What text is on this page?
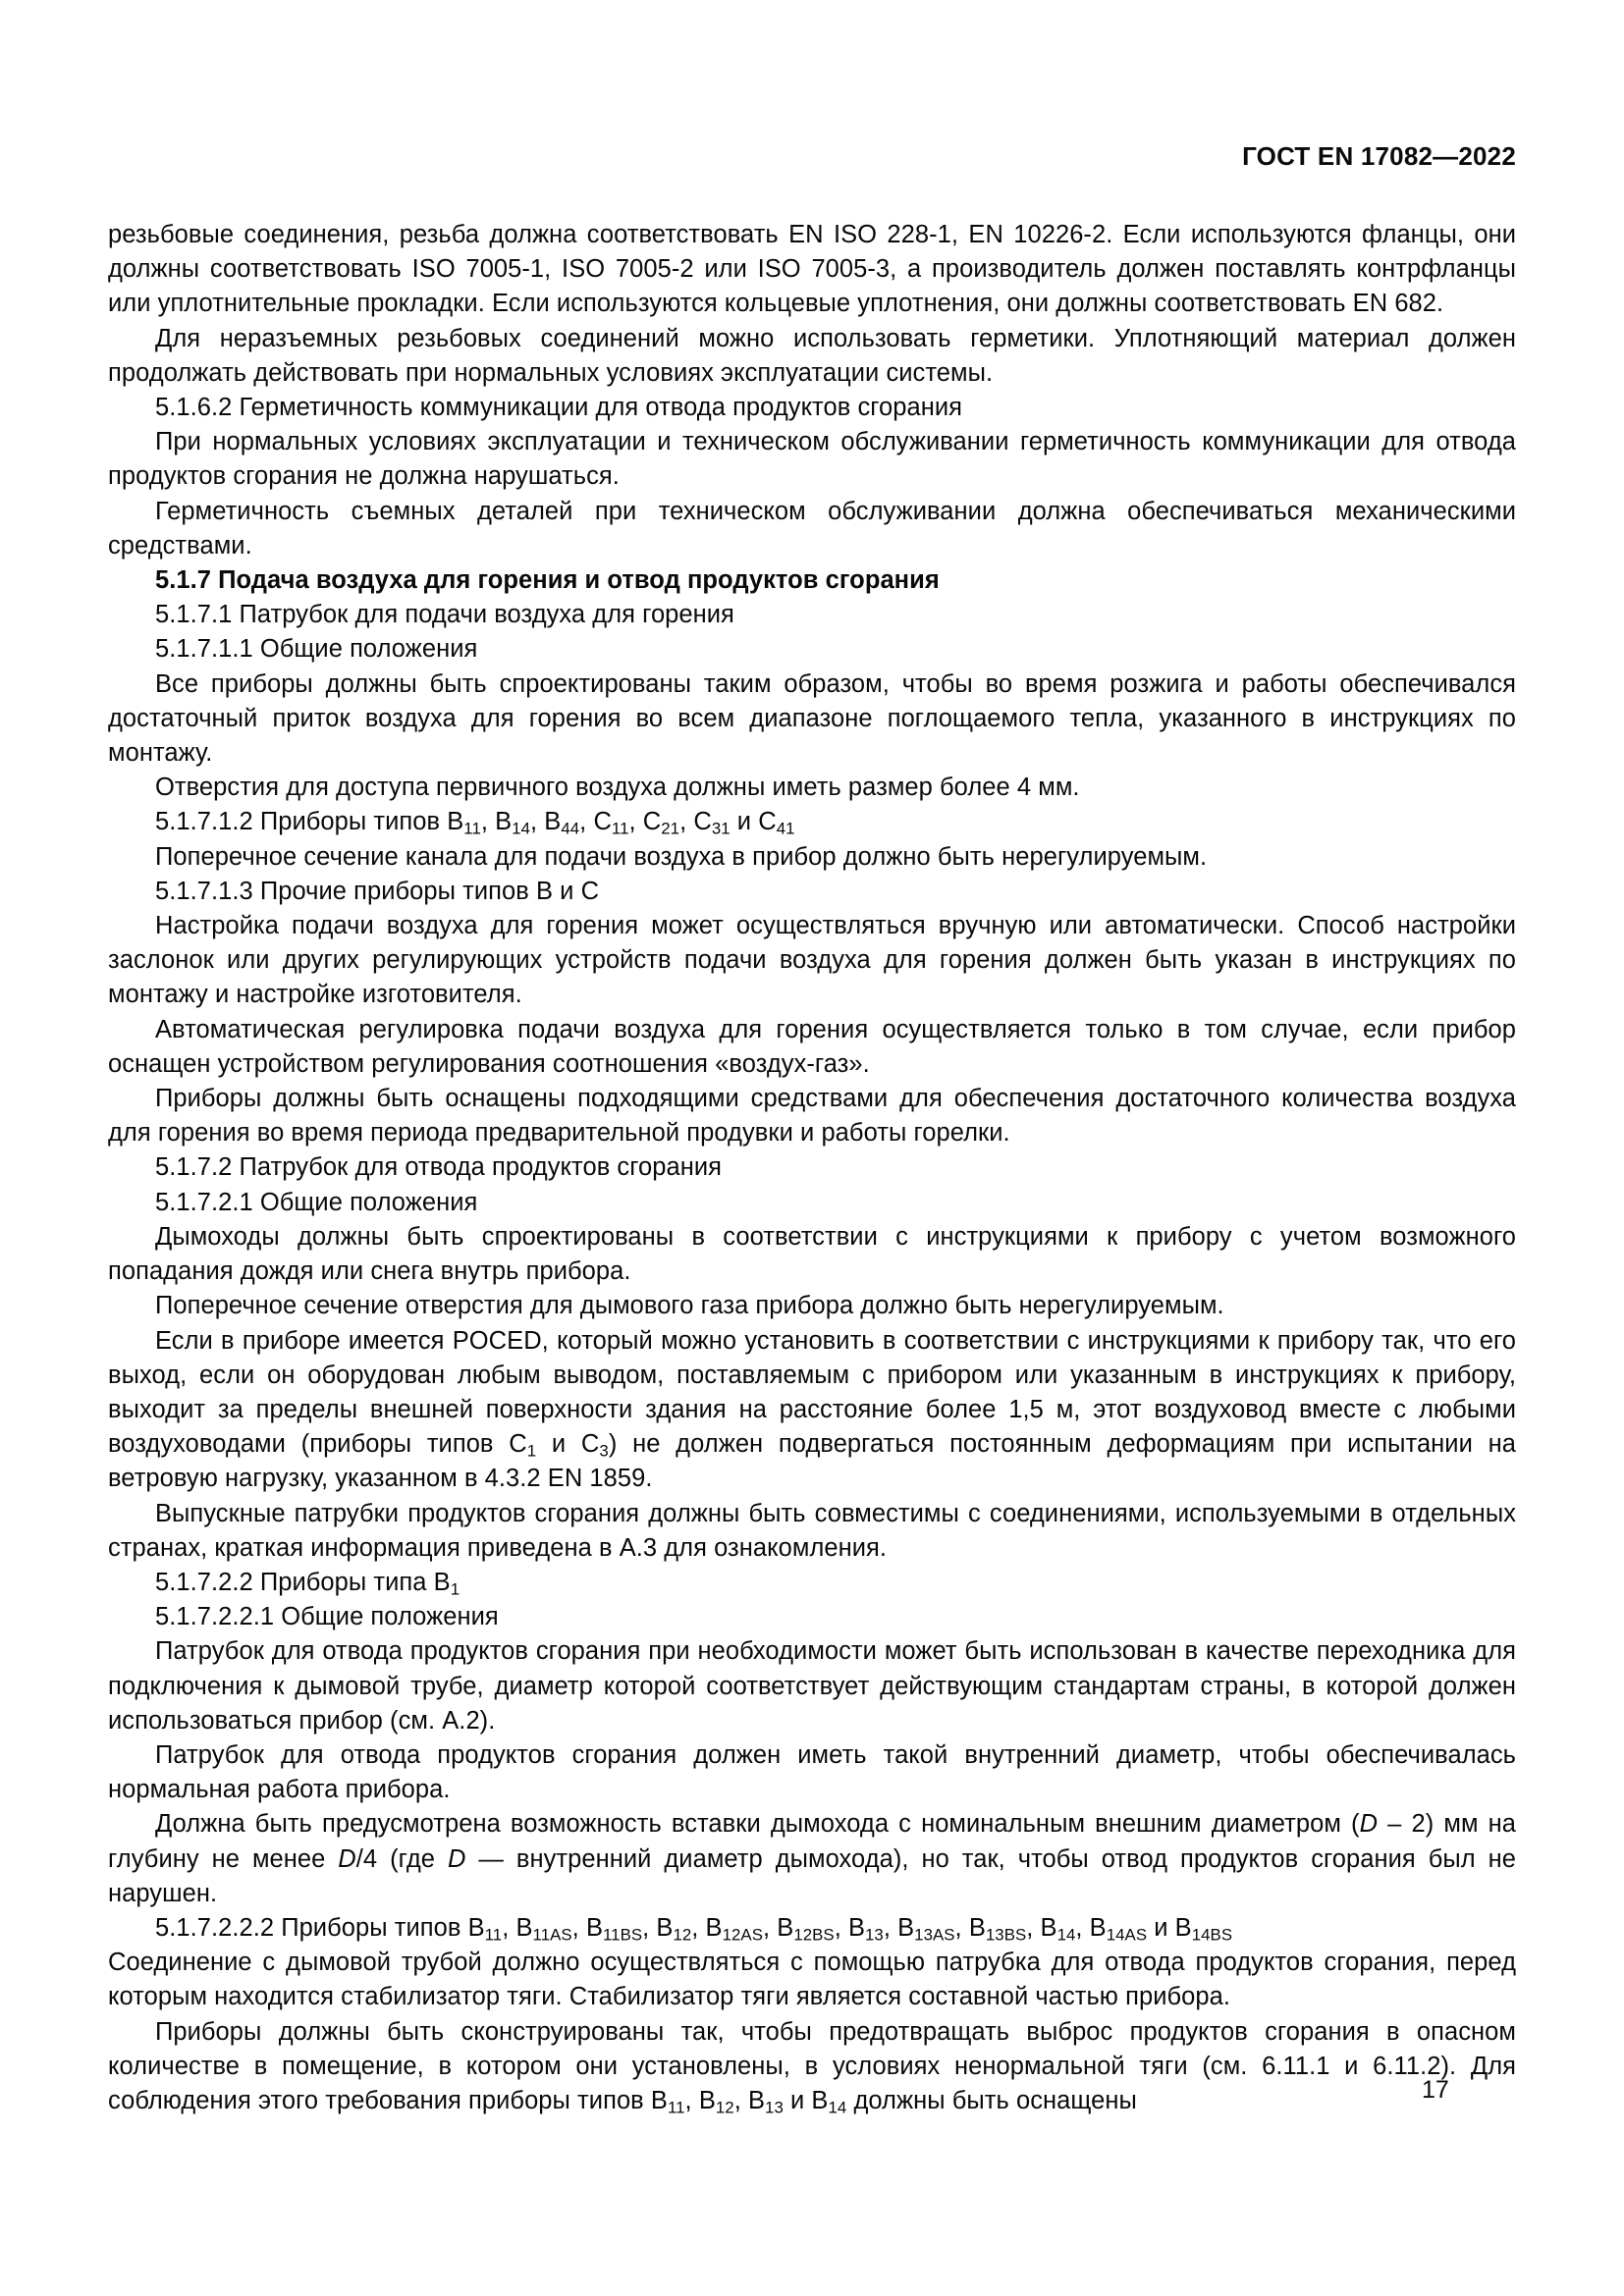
ГОСТ EN 17082—2022

резьбовые соединения, резьба должна соответствовать EN ISO 228-1, EN 10226-2. Если используются фланцы, они должны соответствовать ISO 7005-1, ISO 7005-2 или ISO 7005-3, а производитель должен поставлять контрфланцы или уплотнительные прокладки. Если используются кольцевые уплотнения, они должны соответствовать EN 682.

Для неразъемных резьбовых соединений можно использовать герметики. Уплотняющий материал должен продолжать действовать при нормальных условиях эксплуатации системы.

5.1.6.2 Герметичность коммуникации для отвода продуктов сгорания

При нормальных условиях эксплуатации и техническом обслуживании герметичность коммуникации для отвода продуктов сгорания не должна нарушаться.

Герметичность съемных деталей при техническом обслуживании должна обеспечиваться механическими средствами.

5.1.7 Подача воздуха для горения и отвод продуктов сгорания

5.1.7.1 Патрубок для подачи воздуха для горения

5.1.7.1.1 Общие положения

Все приборы должны быть спроектированы таким образом, чтобы во время розжига и работы обеспечивался достаточный приток воздуха для горения во всем диапазоне поглощаемого тепла, указанного в инструкциях по монтажу.

Отверстия для доступа первичного воздуха должны иметь размер более 4 мм.

5.1.7.1.2 Приборы типов $B_{11}$, $B_{14}$, $B_{44}$, $C_{11}$, $C_{21}$, $C_{31}$ и $C_{41}$

Поперечное сечение канала для подачи воздуха в прибор должно быть нерегулируемым.

5.1.7.1.3 Прочие приборы типов B и C

Настройка подачи воздуха для горения может осуществляться вручную или автоматически. Способ настройки заслонок или других регулирующих устройств подачи воздуха для горения должен быть указан в инструкциях по монтажу и настройке изготовителя.

Автоматическая регулировка подачи воздуха для горения осуществляется только в том случае, если прибор оснащен устройством регулирования соотношения «воздух-газ».

Приборы должны быть оснащены подходящими средствами для обеспечения достаточного количества воздуха для горения во время периода предварительной продувки и работы горелки.

5.1.7.2 Патрубок для отвода продуктов сгорания

5.1.7.2.1 Общие положения

Дымоходы должны быть спроектированы в соответствии с инструкциями к прибору с учетом возможного попадания дождя или снега внутрь прибора.

Поперечное сечение отверстия для дымового газа прибора должно быть нерегулируемым.

Если в приборе имеется POCED, который можно установить в соответствии с инструкциями к прибору так, что его выход, если он оборудован любым выводом, поставляемым с прибором или указанным в инструкциях к прибору, выходит за пределы внешней поверхности здания на расстояние более 1,5 м, этот воздуховод вместе с любыми воздуховодами (приборы типов $C_1$ и $C_3$) не должен подвергаться постоянным деформациям при испытании на ветровую нагрузку, указанном в 4.3.2 EN 1859.

Выпускные патрубки продуктов сгорания должны быть совместимы с соединениями, используемыми в отдельных странах, краткая информация приведена в А.3 для ознакомления.

5.1.7.2.2 Приборы типа $B_1$

5.1.7.2.2.1 Общие положения

Патрубок для отвода продуктов сгорания при необходимости может быть использован в качестве переходника для подключения к дымовой трубе, диаметр которой соответствует действующим стандартам страны, в которой должен использоваться прибор (см. А.2).

Патрубок для отвода продуктов сгорания должен иметь такой внутренний диаметр, чтобы обеспечивалась нормальная работа прибора.

Должна быть предусмотрена возможность вставки дымохода с номинальным внешним диаметром (D – 2) мм на глубину не менее D/4 (где D — внутренний диаметр дымохода), но так, чтобы отвод продуктов сгорания был не нарушен.

5.1.7.2.2.2 Приборы типов $B_{11}$, $B_{11AS}$, $B_{11BS}$, $B_{12}$, $B_{12AS}$, $B_{12BS}$, $B_{13}$, $B_{13AS}$, $B_{13BS}$, $B_{14}$, $B_{14AS}$ и $B_{14BS}$

Соединение с дымовой трубой должно осуществляться с помощью патрубка для отвода продуктов сгорания, перед которым находится стабилизатор тяги. Стабилизатор тяги является составной частью прибора.

Приборы должны быть сконструированы так, чтобы предотвращать выброс продуктов сгорания в опасном количестве в помещение, в котором они установлены, в условиях ненормальной тяги (см. 6.11.1 и 6.11.2). Для соблюдения этого требования приборы типов $B_{11}$, $B_{12}$, $B_{13}$ и $B_{14}$ должны быть оснащены	17
